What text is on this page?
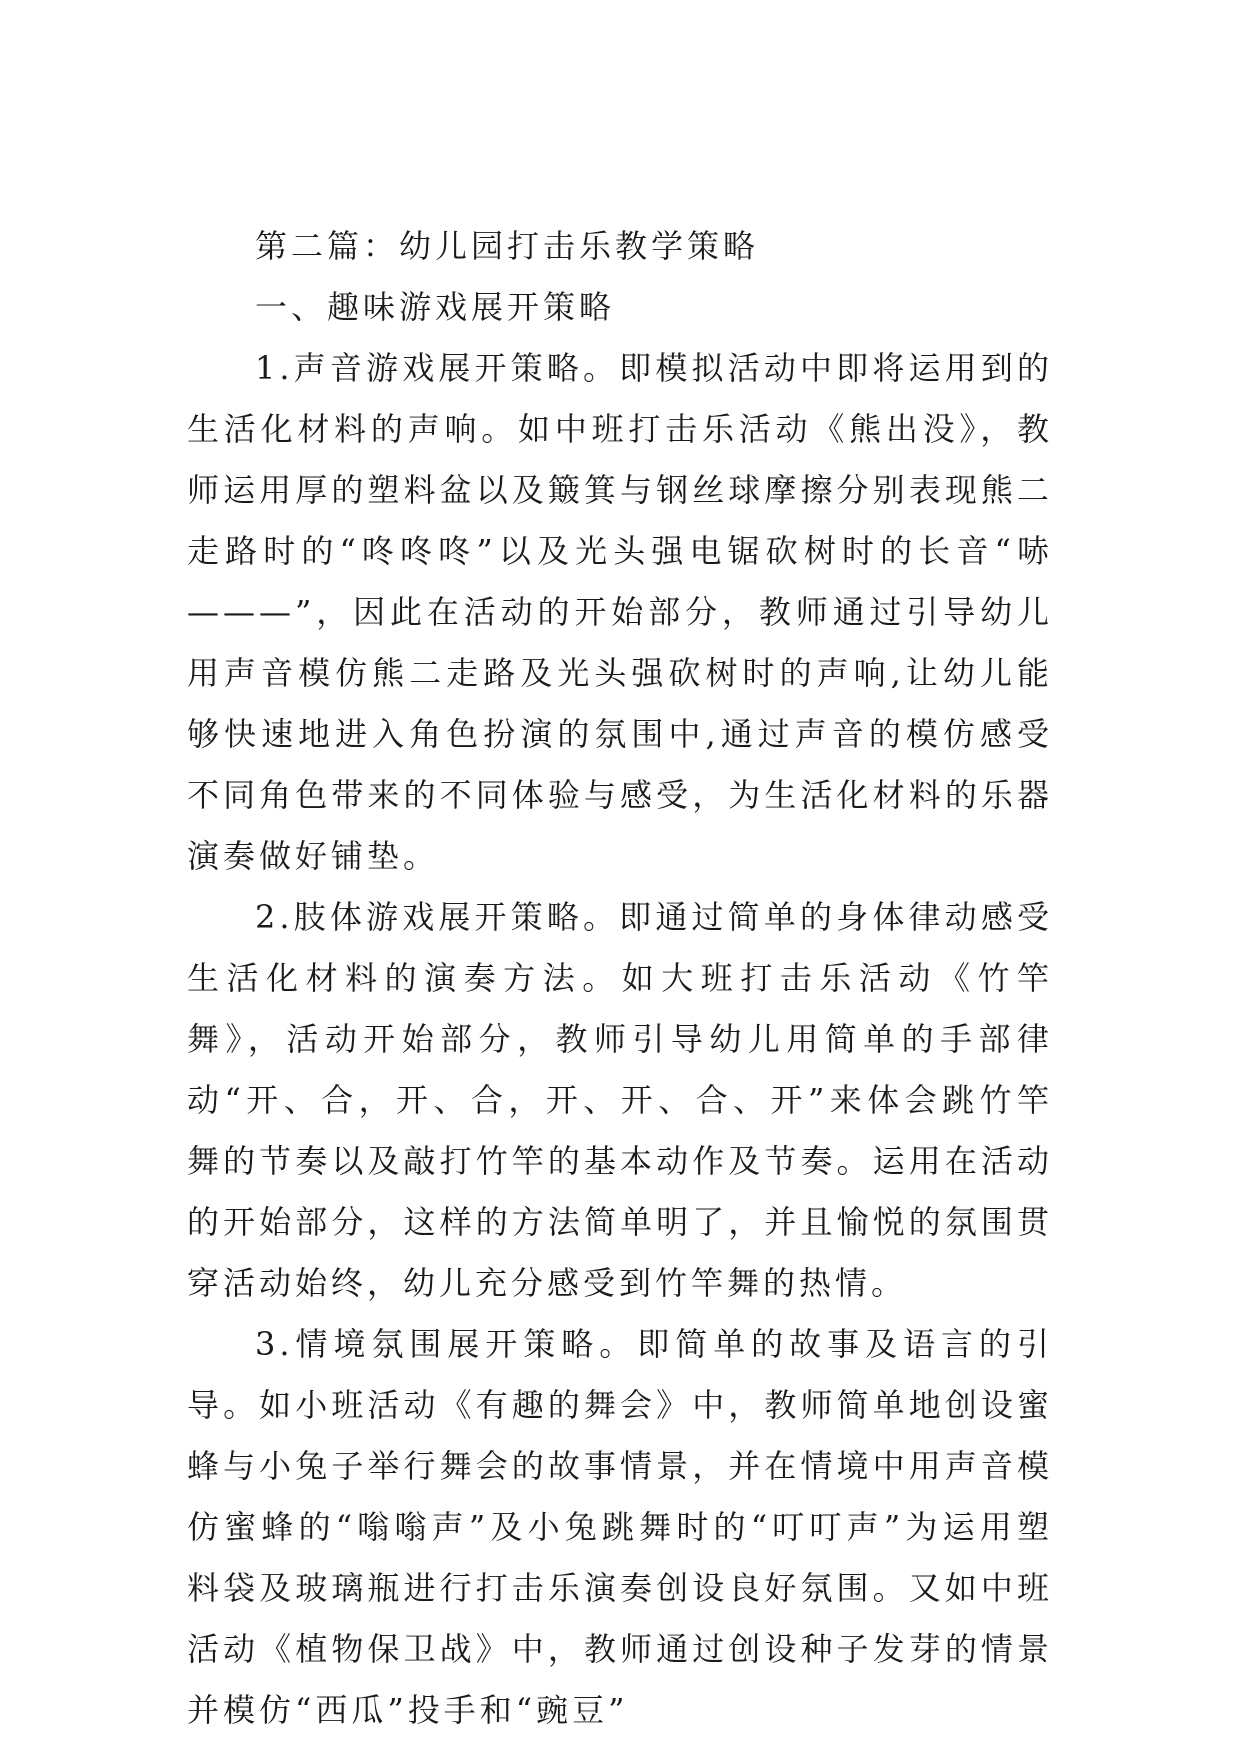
第二篇：幼儿园打击乐教学策略

一、趣味游戏展开策略

1.声音游戏展开策略。即模拟活动中即将运用到的生活化材料的声响。如中班打击乐活动《熊出没》，教师运用厚的塑料盆以及簸箕与钢丝球摩擦分别表现熊二走路时的“咚咚咚”以及光头强电锯砍树时的长音“哧———”，因此在活动的开始部分，教师通过引导幼儿用声音模仿熊二走路及光头强砍树时的声响,让幼儿能够快速地进入角色扮演的氛围中,通过声音的模仿感受不同角色带来的不同体验与感受，为生活化材料的乐器演奏做好铺垫。

2.肢体游戏展开策略。即通过简单的身体律动感受生活化材料的演奏方法。如大班打击乐活动《竹竿舞》，活动开始部分，教师引导幼儿用简单的手部律动“开、合，开、合，开、开、合、开”来体会跳竹竿舞的节奏以及敲打竹竿的基本动作及节奏。运用在活动的开始部分，这样的方法简单明了，并且愉悦的氛围贯穿活动始终，幼儿充分感受到竹竿舞的热情。

3.情境氛围展开策略。即简单的故事及语言的引导。如小班活动《有趣的舞会》中，教师简单地创设蜜蜂与小兔子举行舞会的故事情景，并在情境中用声音模仿蜜蜂的“嗡嗡声”及小兔跳舞时的“叮叮声”为运用塑料袋及玻璃瓶进行打击乐演奏创设良好氛围。又如中班活动《植物保卫战》中，教师通过创设种子发芽的情景并模仿“西瓜”投手和“豌豆”
